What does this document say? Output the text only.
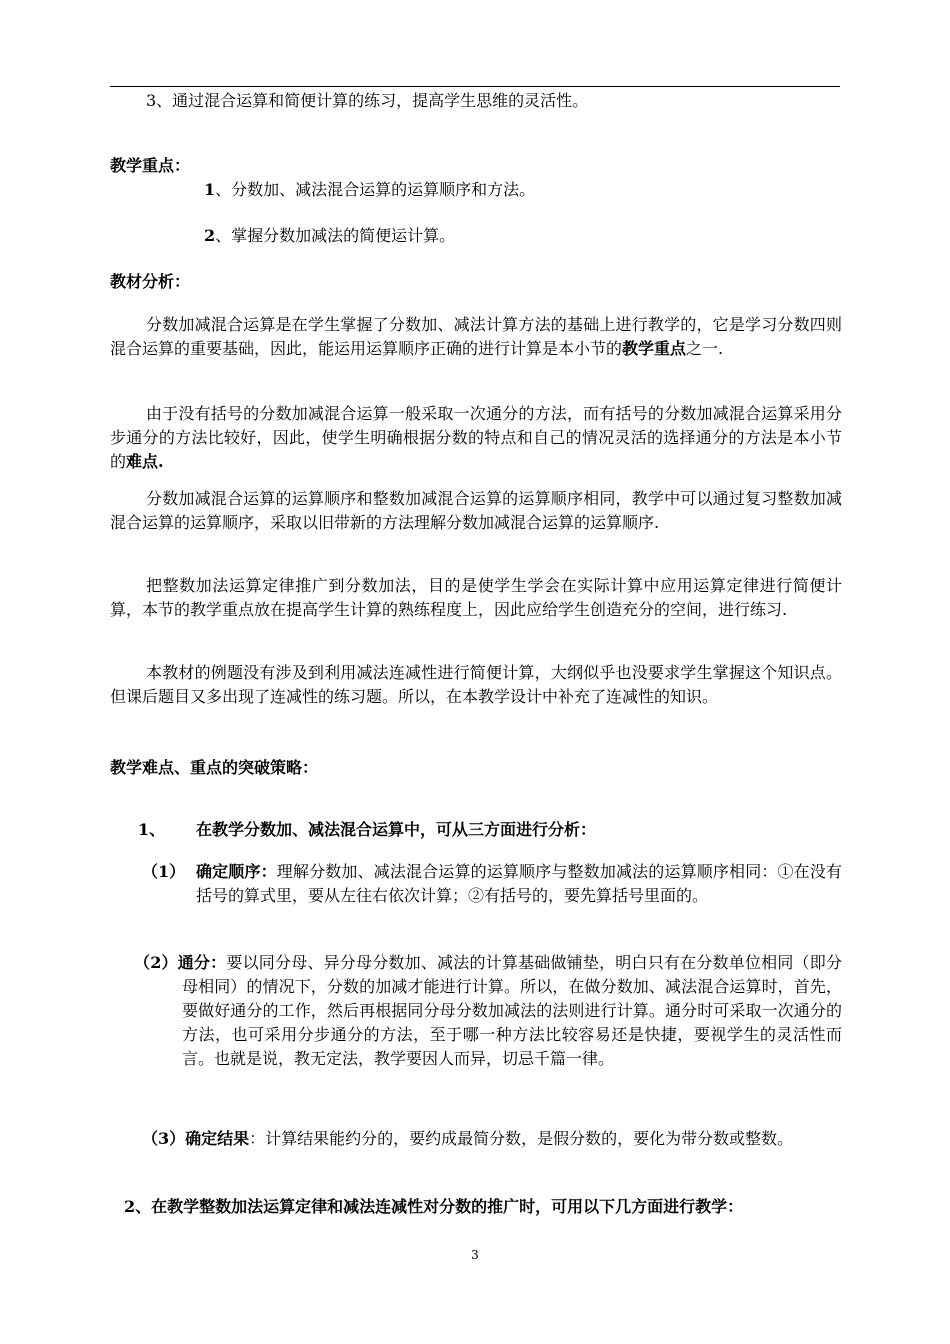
3、通过混合运算和简便计算的练习，提高学生思维的灵活性。

教学重点：

1、分数加、减法混合运算的运算顺序和方法。

2、掌握分数加减法的简便运计算。

教材分析：

分数加减混合运算是在学生掌握了分数加、减法计算方法的基础上进行教学的，它是学习分数四则混合运算的重要基础，因此，能运用运算顺序正确的进行计算是本小节的教学重点之一.

由于没有括号的分数加减混合运算一般采取一次通分的方法，而有括号的分数加减混合运算采用分步通分的方法比较好，因此，使学生明确根据分数的特点和自己的情况灵活的选择通分的方法是本小节的难点.

分数加减混合运算的运算顺序和整数加减混合运算的运算顺序相同，教学中可以通过复习整数加减混合运算的运算顺序，采取以旧带新的方法理解分数加减混合运算的运算顺序.

把整数加法运算定律推广到分数加法，目的是使学生学会在实际计算中应用运算定律进行简便计算，本节的教学重点放在提高学生计算的熟练程度上，因此应给学生创造充分的空间，进行练习.

本教材的例题没有涉及到利用减法连减性进行简便计算，大纲似乎也没要求学生掌握这个知识点。但课后题目又多出现了连减性的练习题。所以，在本教学设计中补充了连减性的知识。

教学难点、重点的突破策略：

1、 在教学分数加、减法混合运算中，可从三方面进行分析：
（1） 确定顺序：理解分数加、减法混合运算的运算顺序与整数加减法的运算顺序相同：①在没有括号的算式里，要从左往右依次计算；②有括号的，要先算括号里面的。

（2）通分：要以同分母、异分母分数加、减法的计算基础做铺垫，明白只有在分数单位相同（即分母相同）的情况下，分数的加减才能进行计算。所以，在做分数加、减法混合运算时，首先，要做好通分的工作，然后再根据同分母分数加减法的法则进行计算。通分时可采取一次通分的方法，也可采用分步通分的方法，至于哪一种方法比较容易还是快捷，要视学生的灵活性而言。也就是说，教无定法，教学要因人而异，切忌千篇一律。

（3）确定结果：计算结果能约分的，要约成最简分数，是假分数的，要化为带分数或整数。

2、在教学整数加法运算定律和减法连减性对分数的推广时，可用以下几方面进行教学：

3
